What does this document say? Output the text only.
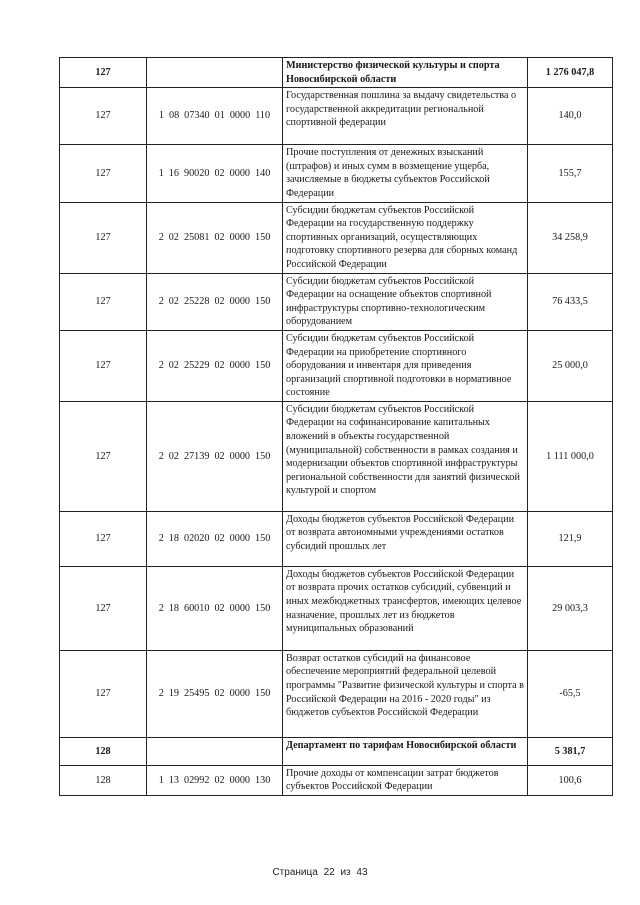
127		Министерство физической культуры и спорта Новосибирской области	1 276 047,8
127	1 08 07340 01 0000 110	Государственная пошлина за выдачу свидетельства о государственной аккредитации региональной спортивной федерации	140,0
127	1 16 90020 02 0000 140	Прочие поступления от денежных взысканий (штрафов) и иных сумм в возмещение ущерба, зачисляемые в бюджеты субъектов Российской Федерации	155,7
127	2 02 25081 02 0000 150	Субсидии бюджетам субъектов Российской Федерации на государственную поддержку спортивных организаций, осуществляющих подготовку спортивного резерва для сборных команд Российской Федерации	34 258,9
127	2 02 25228 02 0000 150	Субсидии бюджетам субъектов Российской Федерации на оснащение объектов спортивной инфраструктуры спортивно-технологическим оборудованием	76 433,5
127	2 02 25229 02 0000 150	Субсидии бюджетам субъектов Российской Федерации на приобретение спортивного оборудования и инвентаря для приведения организаций спортивной подготовки в нормативное состояние	25 000,0
127	2 02 27139 02 0000 150	Субсидии бюджетам субъектов Российской Федерации на софинансирование капитальных вложений в объекты государственной (муниципальной) собственности в рамках создания и модернизации объектов спортивной инфраструктуры региональной собственности для занятий физической культурой и спортом	1 111 000,0
127	2 18 02020 02 0000 150	Доходы бюджетов субъектов Российской Федерации от возврата автономными учреждениями остатков субсидий прошлых лет	121,9
127	2 18 60010 02 0000 150	Доходы бюджетов субъектов Российской Федерации от возврата прочих остатков субсидий, субвенций и иных межбюджетных трансфертов, имеющих целевое назначение, прошлых лет из бюджетов муниципальных образований	29 003,3
127	2 19 25495 02 0000 150	Возврат остатков субсидий на финансовое обеспечение мероприятий федеральной целевой программы "Развитие физической культуры и спорта в Российской Федерации на 2016 - 2020 годы" из бюджетов субъектов Российской Федерации	-65,5
128		Департамент по тарифам Новосибирской области	5 381,7
128	1 13 02992 02 0000 130	Прочие доходы от компенсации затрат бюджетов субъектов Российской Федерации	100,6
Страница 22 из 43
